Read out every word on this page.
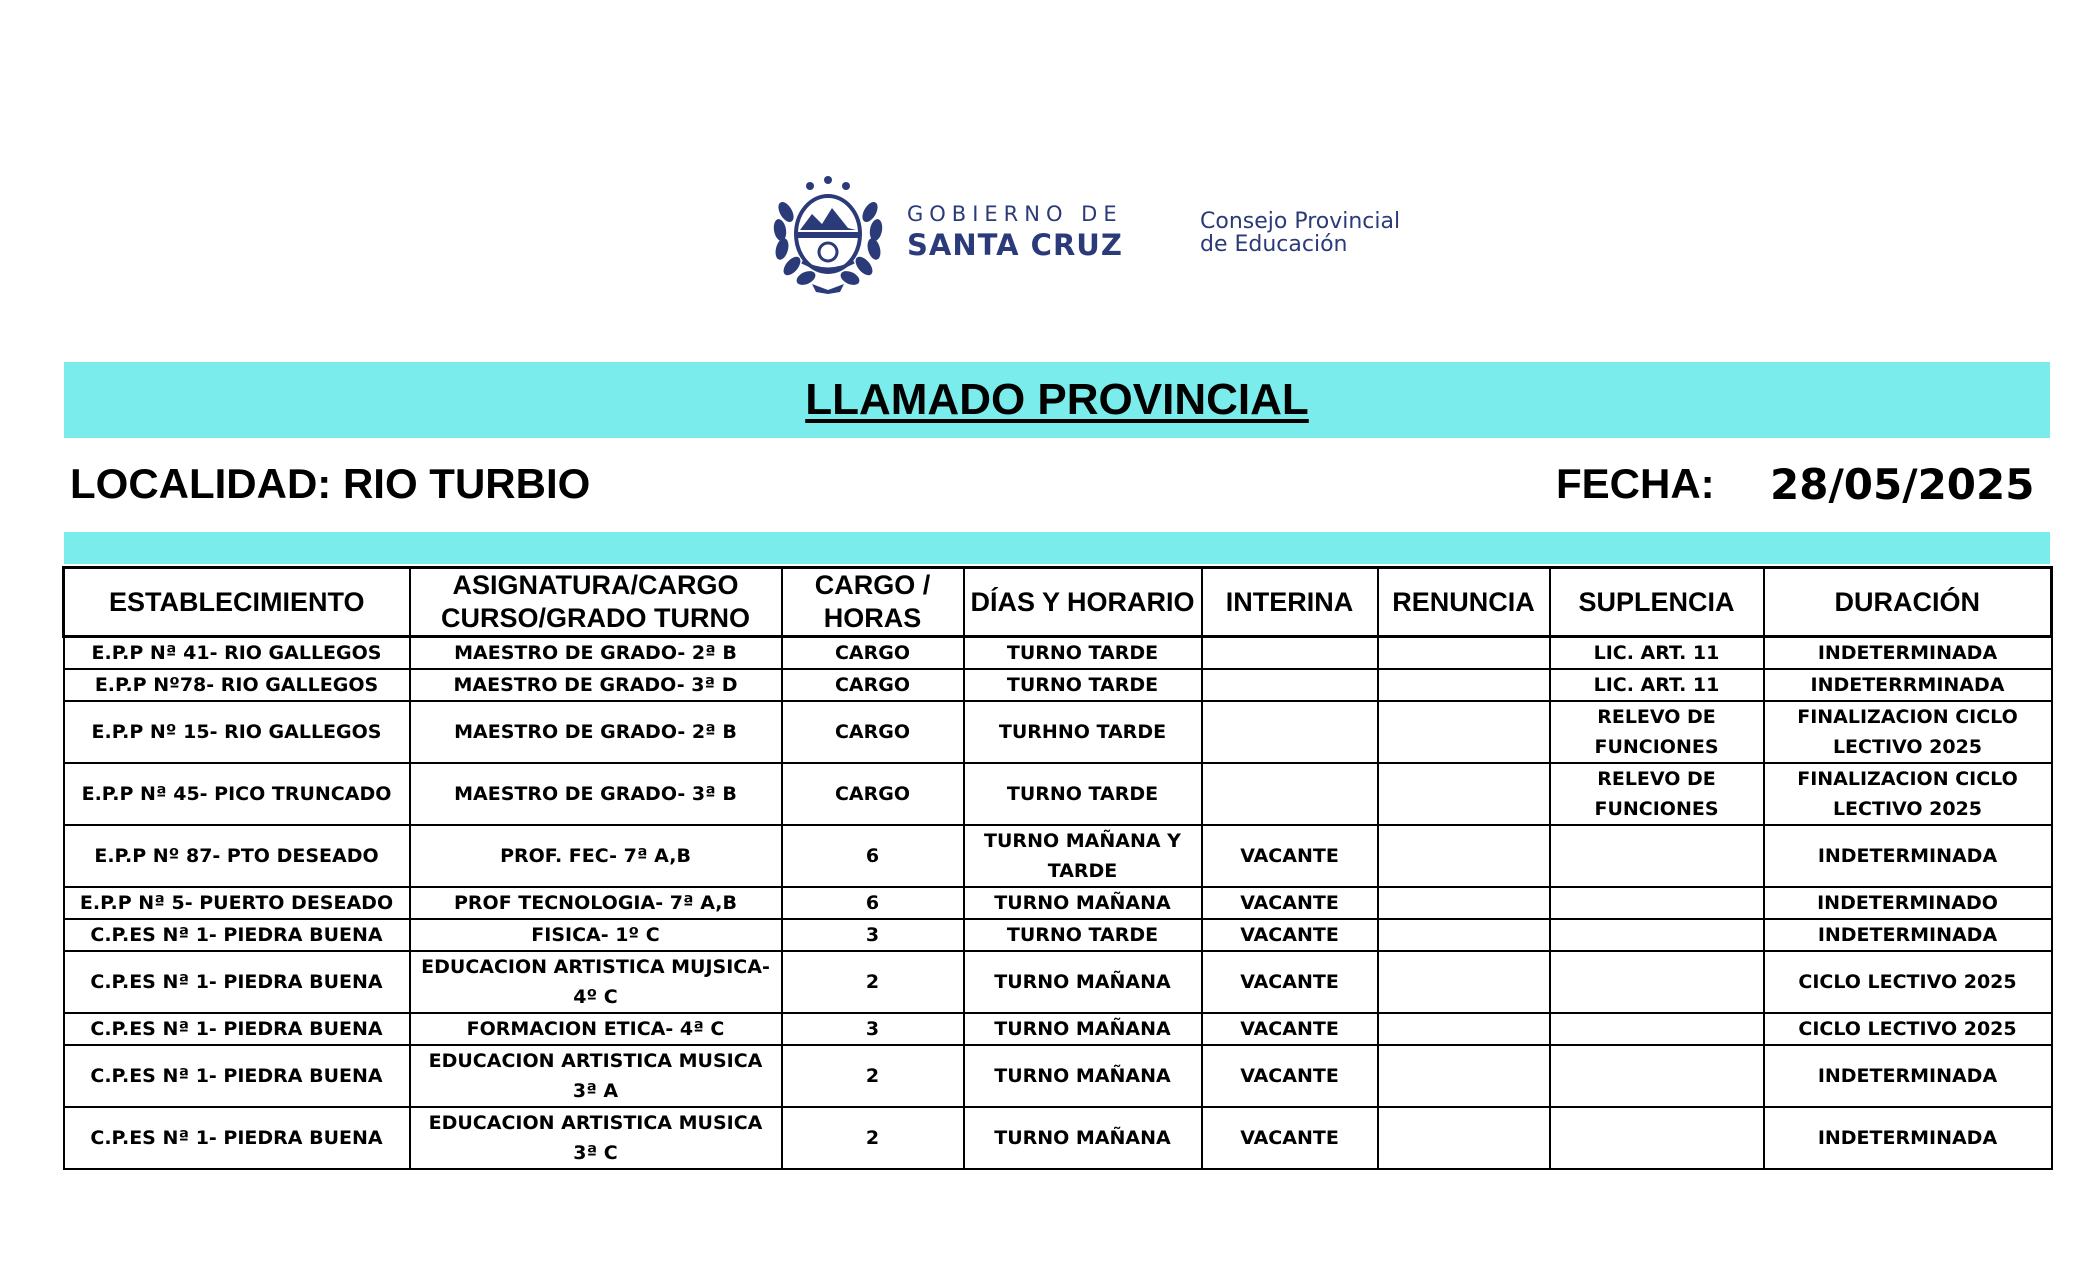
GOBIERNO DE
SANTA CRUZ
Consejo Provincial
de Educación
LLAMADO PROVINCIAL
LOCALIDAD: RIO TURBIO	FECHA: 28/05/2025
ESTABLECIMIENTO	ASIGNATURA/CARGO CURSO/GRADO TURNO	CARGO / HORAS	DÍAS Y HORARIO	INTERINA	RENUNCIA	SUPLENCIA	DURACIÓN
E.P.P Nª 41- RIO GALLEGOS	MAESTRO DE GRADO- 2ª B	CARGO	TURNO TARDE			LIC. ART. 11	INDETERMINADA
E.P.P Nº78- RIO GALLEGOS	MAESTRO DE GRADO- 3ª D	CARGO	TURNO TARDE			LIC. ART. 11	INDETERRMINADA
E.P.P Nº 15- RIO GALLEGOS	MAESTRO DE GRADO- 2ª B	CARGO	TURHNO TARDE			RELEVO DE FUNCIONES	FINALIZACION CICLO LECTIVO 2025
E.P.P Nª 45- PICO TRUNCADO	MAESTRO DE GRADO- 3ª B	CARGO	TURNO TARDE			RELEVO DE FUNCIONES	FINALIZACION CICLO LECTIVO 2025
E.P.P Nº 87- PTO DESEADO	PROF. FEC- 7ª A,B	6	TURNO MAÑANA Y TARDE	VACANTE			INDETERMINADA
E.P.P Nª 5- PUERTO DESEADO	PROF TECNOLOGIA- 7ª A,B	6	TURNO MAÑANA	VACANTE			INDETERMINADO
C.P.ES Nª 1- PIEDRA BUENA	FISICA- 1º C	3	TURNO TARDE	VACANTE			INDETERMINADA
C.P.ES Nª 1- PIEDRA BUENA	EDUCACION ARTISTICA MUJSICA- 4º C	2	TURNO MAÑANA	VACANTE			CICLO LECTIVO 2025
C.P.ES Nª 1- PIEDRA BUENA	FORMACION ETICA- 4ª C	3	TURNO MAÑANA	VACANTE			CICLO LECTIVO 2025
C.P.ES Nª 1- PIEDRA BUENA	EDUCACION ARTISTICA MUSICA 3ª A	2	TURNO MAÑANA	VACANTE			INDETERMINADA
C.P.ES Nª 1- PIEDRA BUENA	EDUCACION ARTISTICA MUSICA 3ª C	2	TURNO MAÑANA	VACANTE			INDETERMINADA
